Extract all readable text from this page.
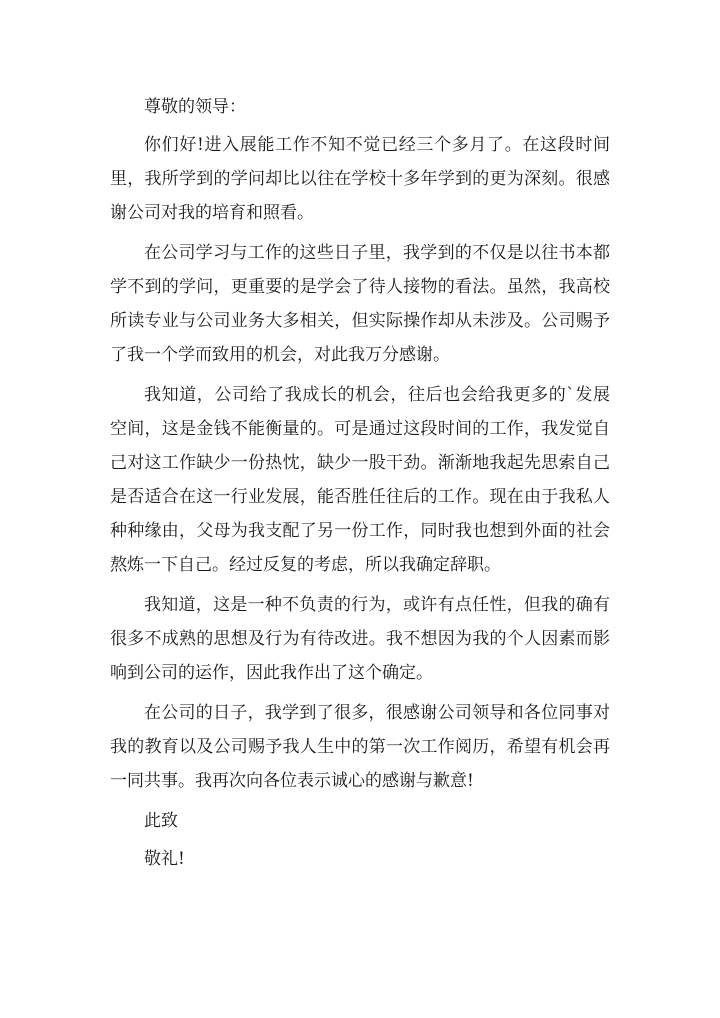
尊敬的领导：

你们好!进入展能工作不知不觉已经三个多月了。在这段时间里，我所学到的学问却比以往在学校十多年学到的更为深刻。很感谢公司对我的培育和照看。

在公司学习与工作的这些日子里，我学到的不仅是以往书本都学不到的学问，更重要的是学会了待人接物的看法。虽然，我高校所读专业与公司业务大多相关，但实际操作却从未涉及。公司赐予了我一个学而致用的机会，对此我万分感谢。

我知道，公司给了我成长的机会，往后也会给我更多的`发展空间，这是金钱不能衡量的。可是通过这段时间的工作，我发觉自己对这工作缺少一份热忱，缺少一股干劲。渐渐地我起先思索自己是否适合在这一行业发展，能否胜任往后的工作。现在由于我私人种种缘由，父母为我支配了另一份工作，同时我也想到外面的社会熬炼一下自己。经过反复的考虑，所以我确定辞职。

我知道，这是一种不负责的行为，或许有点任性，但我的确有很多不成熟的思想及行为有待改进。我不想因为我的个人因素而影响到公司的运作，因此我作出了这个确定。

在公司的日子，我学到了很多，很感谢公司领导和各位同事对我的教育以及公司赐予我人生中的第一次工作阅历，希望有机会再一同共事。我再次向各位表示诚心的感谢与歉意!

此致

敬礼!
